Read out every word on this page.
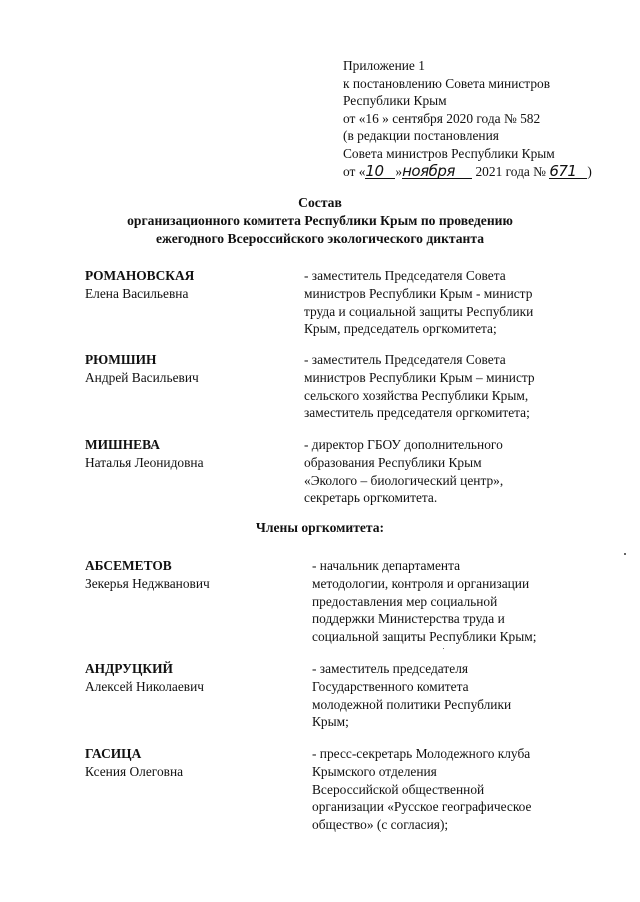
Приложение 1
к постановлению Совета министров
Республики Крым
от «16 » сентября 2020 года № 582
(в редакции постановления
Совета министров Республики Крым
от «10 »ноября 2021 года № 671 )
Состав
организационного комитета Республики Крым по проведению
ежегодного Всероссийского экологического диктанта
РОМАНОВСКАЯ
Елена Васильевна
- заместитель Председателя Совета
министров Республики Крым - министр
труда и социальной защиты Республики
Крым, председатель оргкомитета;
РЮМШИН
Андрей Васильевич
- заместитель Председателя Совета
министров Республики Крым – министр
сельского хозяйства Республики Крым,
заместитель председателя оргкомитета;
МИШНЕВА
Наталья Леонидовна
- директор ГБОУ дополнительного
образования Республики Крым
«Эколого – биологический центр»,
секретарь оргкомитета.
Члены оргкомитета:
АБСЕМЕТОВ
Зекерья Неджванович
- начальник департамента
методологии, контроля и организации
предоставления мер социальной
поддержки Министерства труда и
социальной защиты Республики Крым;
АНДРУЦКИЙ
Алексей Николаевич
- заместитель председателя
Государственного комитета
молодежной политики Республики
Крым;
ГАСИЦА
Ксения Олеговна
- пресс-секретарь Молодежного клуба
Крымского отделения
Всероссийской общественной
организации «Русское географическое
общество» (с согласия);
